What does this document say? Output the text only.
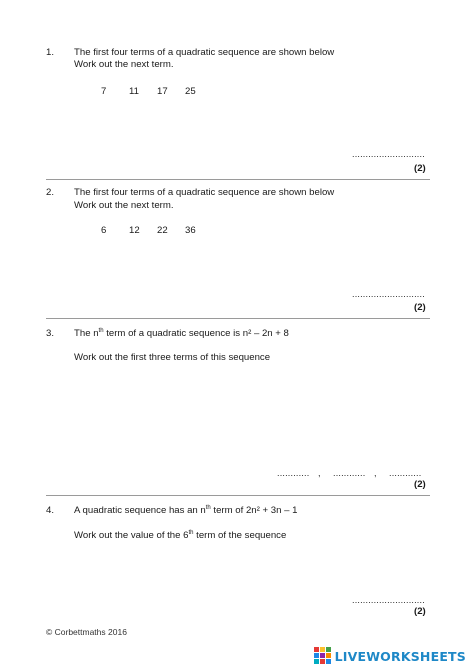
1. The first four terms of a quadratic sequence are shown below
Work out the next term.
7 11 17 25
...........................
(2)
2. The first four terms of a quadratic sequence are shown below
Work out the next term.
6 12 22 36
...........................
(2)
3. The $n^{th}$ term of a quadratic sequence is n² – 2n + 8
Work out the first three terms of this sequence
............ , ............ , ............
(2)
4. A quadratic sequence has an $n^{th}$ term of 2n² + 3n – 1
Work out the value of the 6th term of the sequence
...........................
(2)
© Corbettmaths 2016
LIVEWORKSHEETS
